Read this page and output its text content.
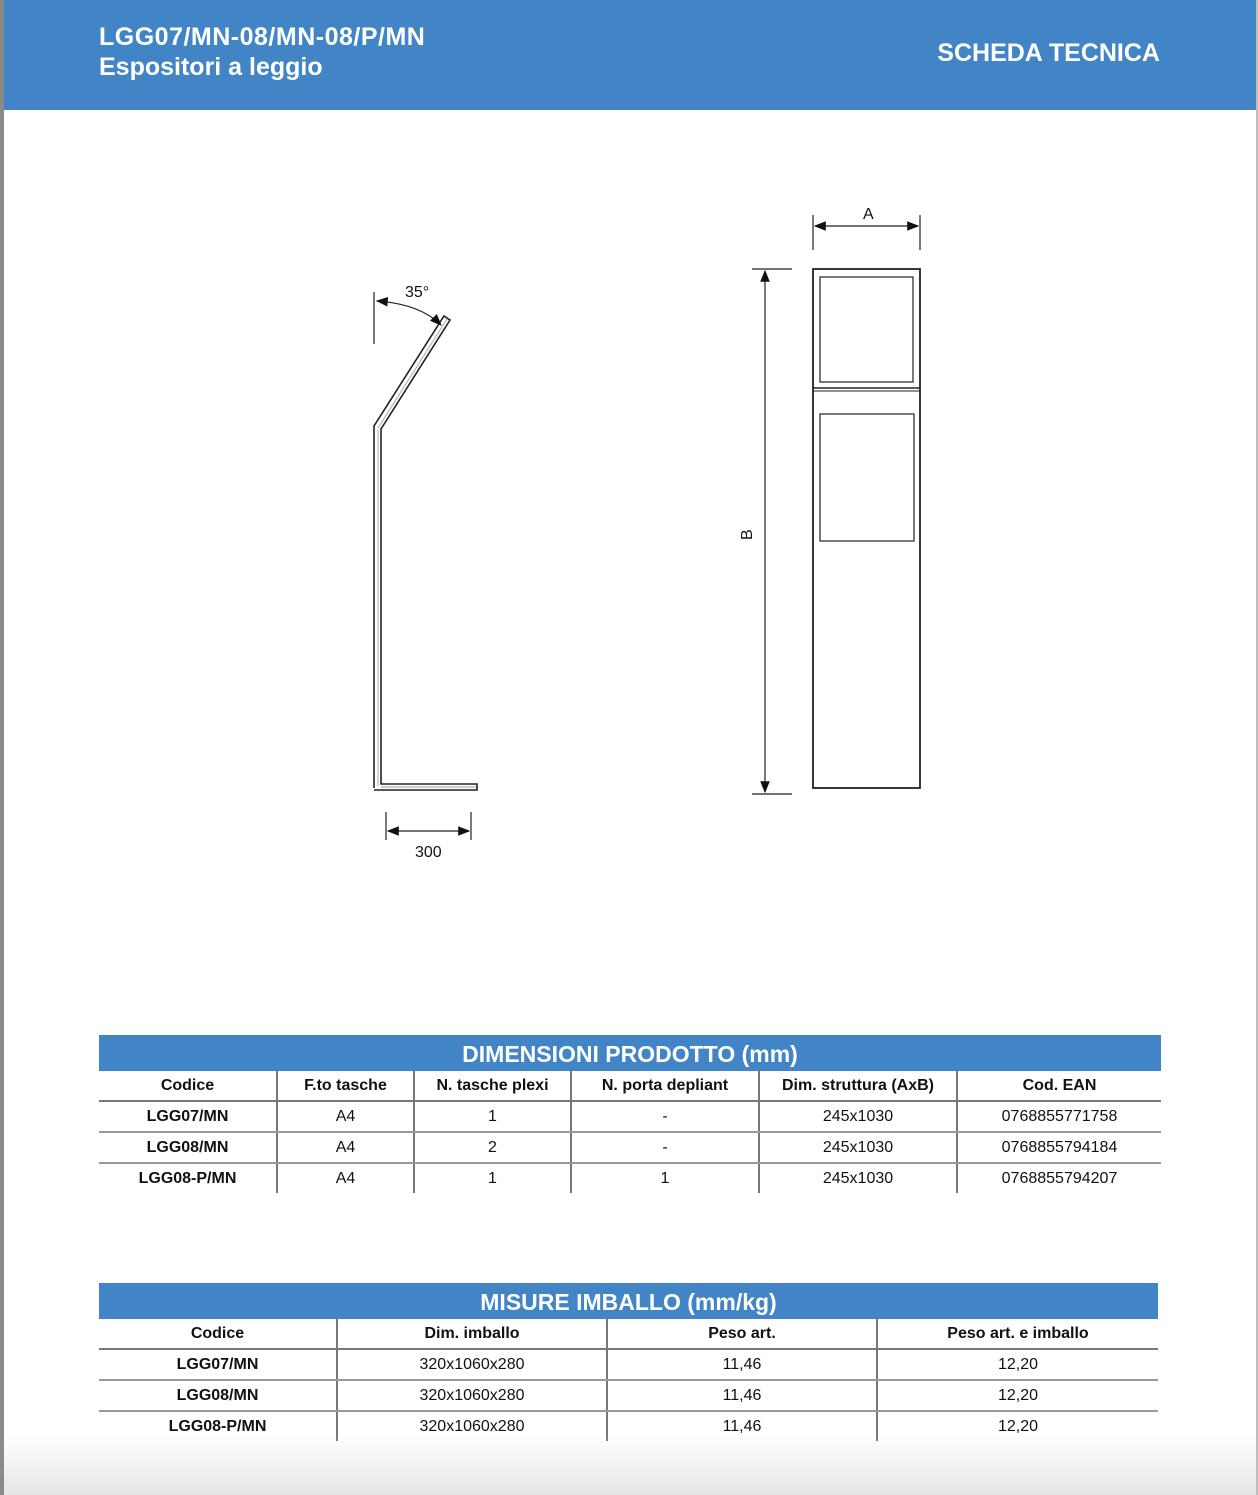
LGG07/MN-08/MN-08/P/MN
Espositori a leggio	SCHEDA TECNICA
35°
300
A
B
DIMENSIONI PRODOTTO (mm)
Codice	F.to tasche	N. tasche plexi	N. porta depliant	Dim. struttura (AxB)	Cod. EAN
LGG07/MN	A4	1	-	245x1030	0768855771758
LGG08/MN	A4	2	-	245x1030	0768855794184
LGG08-P/MN	A4	1	1	245x1030	0768855794207
MISURE IMBALLO (mm/kg)
Codice	Dim. imballo	Peso art.	Peso art. e imballo
LGG07/MN	320x1060x280	11,46	12,20
LGG08/MN	320x1060x280	11,46	12,20
LGG08-P/MN	320x1060x280	11,46	12,20
